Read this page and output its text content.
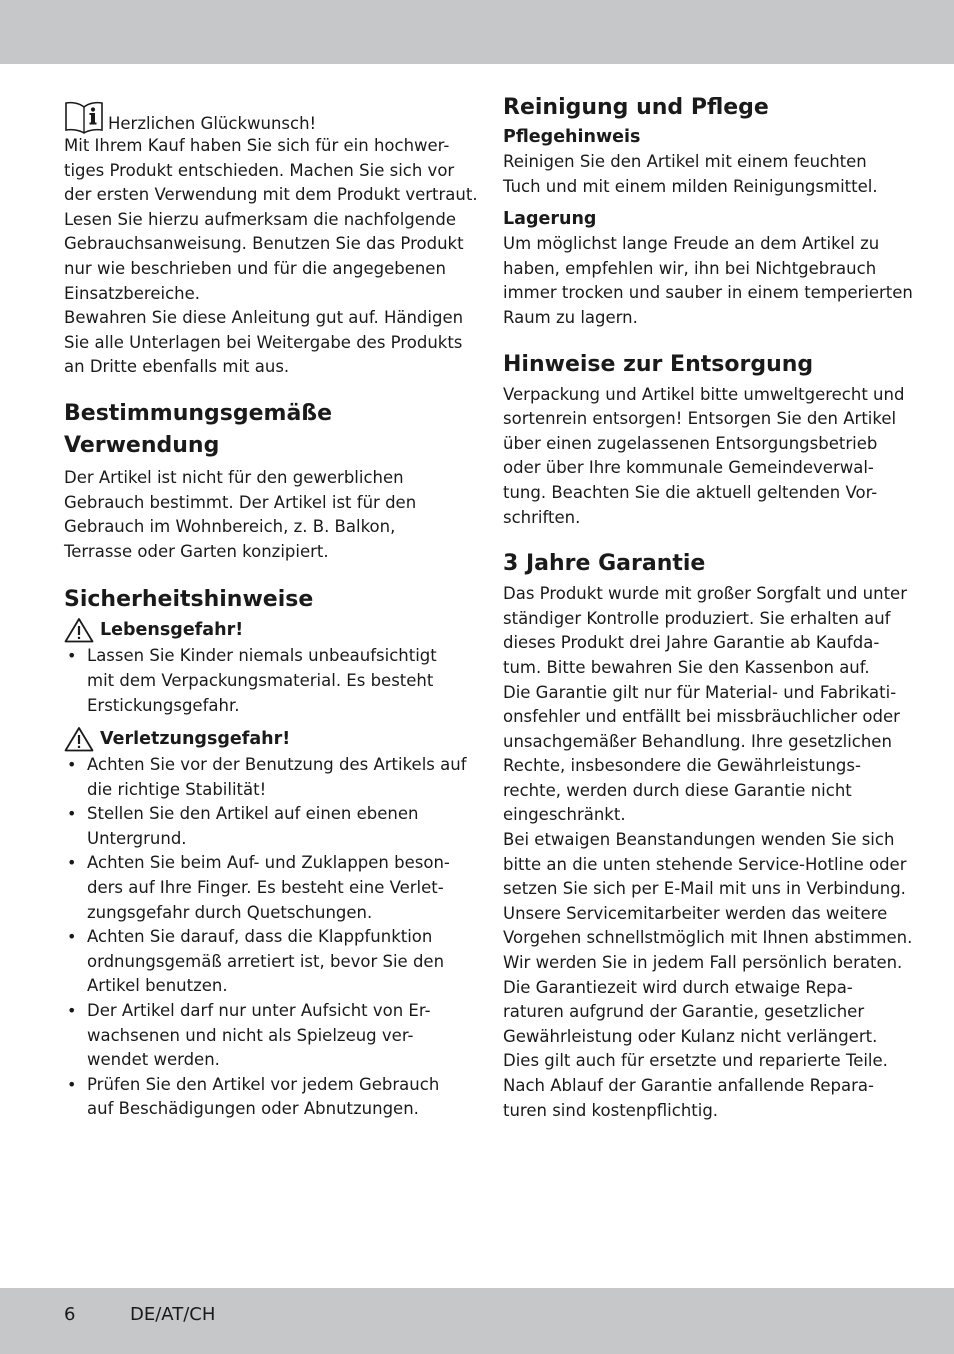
Herzlichen Glückwunsch!

Mit Ihrem Kauf haben Sie sich für ein hochwer-

tiges Produkt entschieden. Machen Sie sich vor

der ersten Verwendung mit dem Produkt vertraut.

Lesen Sie hierzu aufmerksam die nachfolgende

Gebrauchsanweisung. Benutzen Sie das Produkt

nur wie beschrieben und für die angegebenen

Einsatzbereiche.

Bewahren Sie diese Anleitung gut auf. Händigen

Sie alle Unterlagen bei Weitergabe des Produkts

an Dritte ebenfalls mit aus.

Bestimmungsgemäße
Verwendung

Der Artikel ist nicht für den gewerblichen

Gebrauch bestimmt. Der Artikel ist für den

Gebrauch im Wohnbereich, z. B. Balkon,

Terrasse oder Garten konzipiert.

Sicherheitshinweise
Lebensgefahr!

• Lassen Sie Kinder niemals unbeaufsichtigt

mit dem Verpackungsmaterial. Es besteht

Erstickungsgefahr.

Verletzungsgefahr!

• Achten Sie vor der Benutzung des Artikels auf

die richtige Stabilität!

• Stellen Sie den Artikel auf einen ebenen

Untergrund.

• Achten Sie beim Auf- und Zuklappen beson-

ders auf Ihre Finger. Es besteht eine Verlet-

zungsgefahr durch Quetschungen.

• Achten Sie darauf, dass die Klappfunktion

ordnungsgemäß arretiert ist, bevor Sie den

Artikel benutzen.

• Der Artikel darf nur unter Aufsicht von Er-

wachsenen und nicht als Spielzeug ver-

wendet werden.

• Prüfen Sie den Artikel vor jedem Gebrauch

auf Beschädigungen oder Abnutzungen.

Reinigung und Pflege
Pflegehinweis

Reinigen Sie den Artikel mit einem feuchten

Tuch und mit einem milden Reinigungsmittel.

Lagerung

Um möglichst lange Freude an dem Artikel zu

haben, empfehlen wir, ihn bei Nichtgebrauch

immer trocken und sauber in einem temperierten

Raum zu lagern.

Hinweise zur Entsorgung

Verpackung und Artikel bitte umweltgerecht und

sortenrein entsorgen! Entsorgen Sie den Artikel

über einen zugelassenen Entsorgungsbetrieb

oder über Ihre kommunale Gemeindeverwal-

tung. Beachten Sie die aktuell geltenden Vor-

schriften.

3 Jahre Garantie

Das Produkt wurde mit großer Sorgfalt und unter

ständiger Kontrolle produziert. Sie erhalten auf

dieses Produkt drei Jahre Garantie ab Kaufda-

tum. Bitte bewahren Sie den Kassenbon auf.

Die Garantie gilt nur für Material- und Fabrikati-

onsfehler und entfällt bei missbräuchlicher oder

unsachgemäßer Behandlung. Ihre gesetzlichen

Rechte, insbesondere die Gewährleistungs-

rechte, werden durch diese Garantie nicht

eingeschränkt.

Bei etwaigen Beanstandungen wenden Sie sich

bitte an die unten stehende Service-Hotline oder

setzen Sie sich per E-Mail mit uns in Verbindung.

Unsere Servicemitarbeiter werden das weitere

Vorgehen schnellstmöglich mit Ihnen abstimmen.

Wir werden Sie in jedem Fall persönlich beraten.

Die Garantiezeit wird durch etwaige Repa-

raturen aufgrund der Garantie, gesetzlicher

Gewährleistung oder Kulanz nicht verlängert.

Dies gilt auch für ersetzte und reparierte Teile.

Nach Ablauf der Garantie anfallende Repara-

turen sind kostenpflichtig.

6	DE/AT/CH
